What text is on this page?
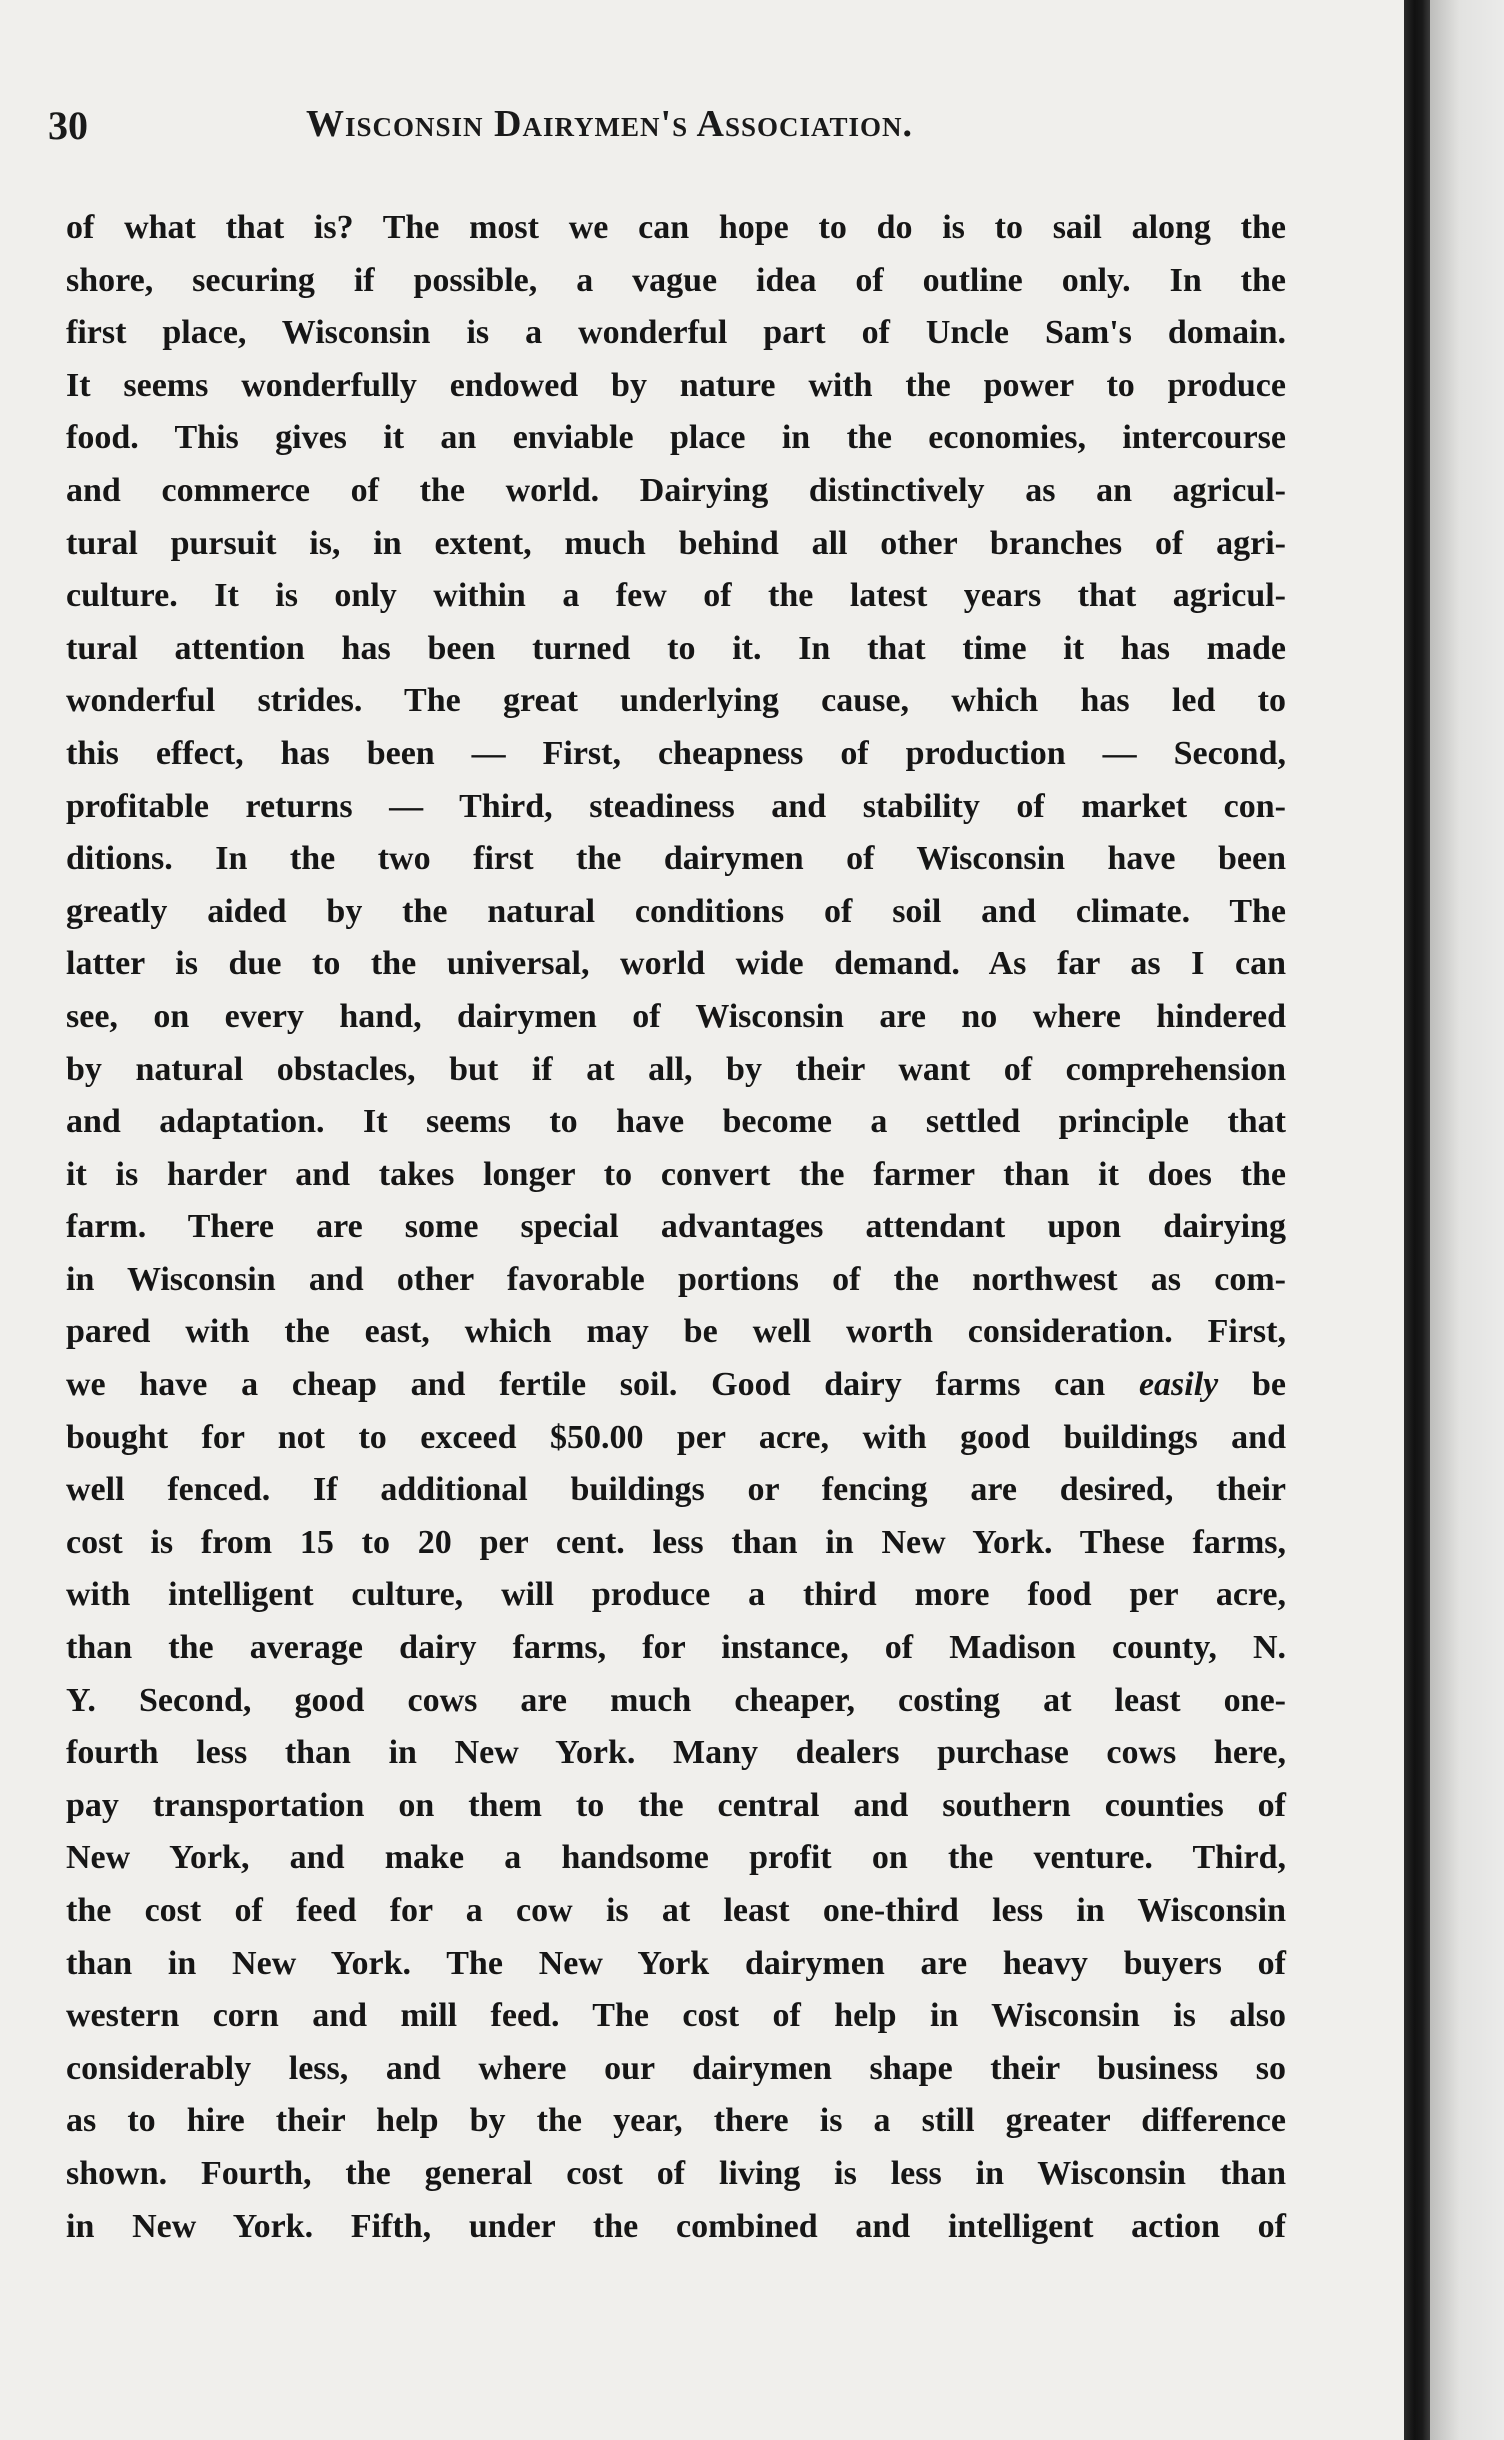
30	Wisconsin Dairymen's Association.
of what that is? The most we can hope to do is to sail along the
shore, securing if possible, a vague idea of outline only. In the
first place, Wisconsin is a wonderful part of Uncle Sam's domain.
It seems wonderfully endowed by nature with the power to produce
food. This gives it an enviable place in the economies, intercourse
and commerce of the world. Dairying distinctively as an agricul-
tural pursuit is, in extent, much behind all other branches of agri-
culture. It is only within a few of the latest years that agricul-
tural attention has been turned to it. In that time it has made
wonderful strides. The great underlying cause, which has led to
this effect, has been — First, cheapness of production — Second,
profitable returns — Third, steadiness and stability of market con-
ditions. In the two first the dairymen of Wisconsin have been
greatly aided by the natural conditions of soil and climate. The
latter is due to the universal, world wide demand. As far as I can
see, on every hand, dairymen of Wisconsin are no where hindered
by natural obstacles, but if at all, by their want of comprehension
and adaptation. It seems to have become a settled principle that
it is harder and takes longer to convert the farmer than it does the
farm. There are some special advantages attendant upon dairying
in Wisconsin and other favorable portions of the northwest as com-
pared with the east, which may be well worth consideration. First,
we have a cheap and fertile soil. Good dairy farms can easily be
bought for not to exceed $50.00 per acre, with good buildings and
well fenced. If additional buildings or fencing are desired, their
cost is from 15 to 20 per cent. less than in New York. These farms,
with intelligent culture, will produce a third more food per acre,
than the average dairy farms, for instance, of Madison county, N.
Y. Second, good cows are much cheaper, costing at least one-
fourth less than in New York. Many dealers purchase cows here,
pay transportation on them to the central and southern counties of
New York, and make a handsome profit on the venture. Third,
the cost of feed for a cow is at least one-third less in Wisconsin
than in New York. The New York dairymen are heavy buyers of
western corn and mill feed. The cost of help in Wisconsin is also
considerably less, and where our dairymen shape their business so
as to hire their help by the year, there is a still greater difference
shown. Fourth, the general cost of living is less in Wisconsin than
in New York. Fifth, under the combined and intelligent action of
